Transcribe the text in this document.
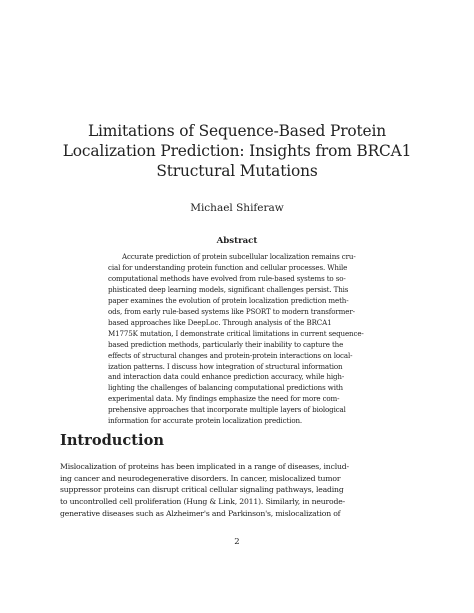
Limitations of Sequence-Based Protein
Localization Prediction: Insights from BRCA1
Structural Mutations
Michael Shiferaw
Abstract
Accurate prediction of protein subcellular localization remains cru-
cial for understanding protein function and cellular processes. While
computational methods have evolved from rule-based systems to so-
phisticated deep learning models, significant challenges persist. This
paper examines the evolution of protein localization prediction meth-
ods, from early rule-based systems like PSORT to modern transformer-
based approaches like DeepLoc. Through analysis of the BRCA1
M1775K mutation, I demonstrate critical limitations in current sequence-
based prediction methods, particularly their inability to capture the
effects of structural changes and protein-protein interactions on local-
ization patterns. I discuss how integration of structural information
and interaction data could enhance prediction accuracy, while high-
lighting the challenges of balancing computational predictions with
experimental data. My findings emphasize the need for more com-
prehensive approaches that incorporate multiple layers of biological
information for accurate protein localization prediction.
Introduction
Mislocalization of proteins has been implicated in a range of diseases, includ-
ing cancer and neurodegenerative disorders. In cancer, mislocalized tumor
suppressor proteins can disrupt critical cellular signaling pathways, leading
to uncontrolled cell proliferation (Hung & Link, 2011). Similarly, in neurode-
generative diseases such as Alzheimer's and Parkinson's, mislocalization of
2
